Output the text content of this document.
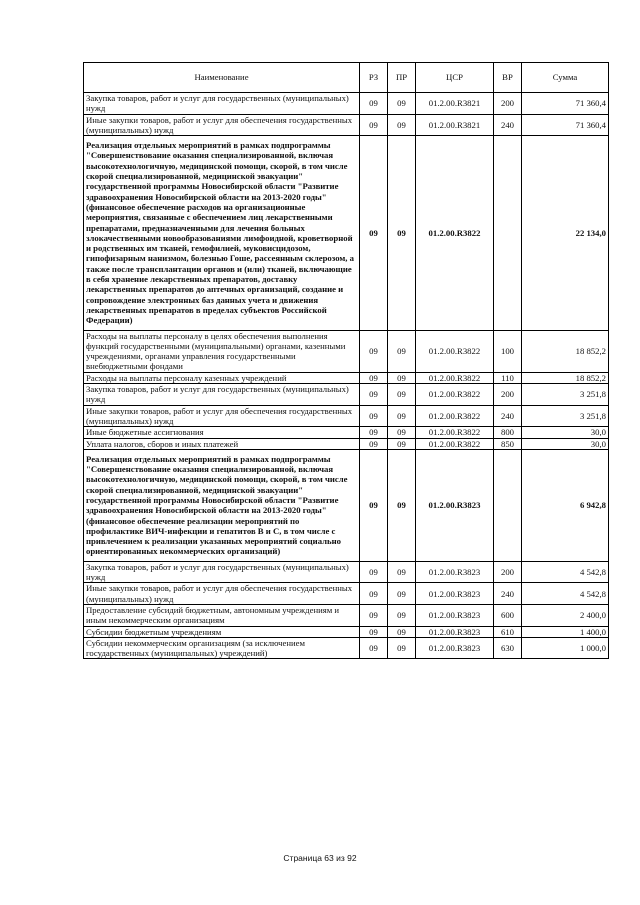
Наименование	РЗ	ПР	ЦСР	ВР	Сумма
Закупка товаров, работ и услуг для государственных (муниципальных) нужд	09	09	01.2.00.R3821	200	71 360,4
Иные закупки товаров, работ и услуг для обеспечения государственных (муниципальных) нужд	09	09	01.2.00.R3821	240	71 360,4
Реализация отдельных мероприятий в рамках подпрограммы "Совершенствование оказания специализированной, включая высокотехнологичную, медицинской помощи, скорой, в том числе скорой специализированной, медицинской эвакуации" государственной программы Новосибирской области "Развитие здравоохранения Новосибирской области на 2013-2020 годы" (финансовое обеспечение расходов на организационные мероприятия, связанные с обеспечением лиц лекарственными препаратами, предназначенными для лечения больных злокачественными новообразованиями лимфоидной, кроветворной и родственных им тканей, гемофилией, муковисцидозом, гипофизарным нанизмом, болезнью Гоше, рассеянным склерозом, а также после трансплантации органов и (или) тканей, включающие в себя хранение лекарственных препаратов, доставку лекарственных препаратов до аптечных организаций, создание и сопровождение электронных баз данных учета и движения лекарственных препаратов в пределах субъектов Российской Федерации)	09	09	01.2.00.R3822		22 134,0
Расходы на выплаты персоналу в целях обеспечения выполнения функций государственными (муниципальными) органами, казенными учреждениями, органами управления государственными внебюджетными фондами	09	09	01.2.00.R3822	100	18 852,2
Расходы на выплаты персоналу казенных учреждений	09	09	01.2.00.R3822	110	18 852,2
Закупка товаров, работ и услуг для государственных (муниципальных) нужд	09	09	01.2.00.R3822	200	3 251,8
Иные закупки товаров, работ и услуг для обеспечения государственных (муниципальных) нужд	09	09	01.2.00.R3822	240	3 251,8
Иные бюджетные ассигнования	09	09	01.2.00.R3822	800	30,0
Уплата налогов, сборов и иных платежей	09	09	01.2.00.R3822	850	30,0
Реализация отдельных мероприятий в рамках подпрограммы "Совершенствование оказания специализированной, включая высокотехнологичную, медицинской помощи, скорой, в том числе скорой специализированной, медицинской эвакуации" государственной программы Новосибирской области "Развитие здравоохранения Новосибирской области на 2013-2020 годы" (финансовое обеспечение реализации мероприятий по профилактике ВИЧ-инфекции и гепатитов B и C, в том числе с привлечением к реализации указанных мероприятий социально ориентированных некоммерческих организаций)	09	09	01.2.00.R3823		6 942,8
Закупка товаров, работ и услуг для государственных (муниципальных) нужд	09	09	01.2.00.R3823	200	4 542,8
Иные закупки товаров, работ и услуг для обеспечения государственных (муниципальных) нужд	09	09	01.2.00.R3823	240	4 542,8
Предоставление субсидий бюджетным, автономным учреждениям и иным некоммерческим организациям	09	09	01.2.00.R3823	600	2 400,0
Субсидии бюджетным учреждениям	09	09	01.2.00.R3823	610	1 400,0
Субсидии некоммерческим организациям (за исключением государственных (муниципальных) учреждений)	09	09	01.2.00.R3823	630	1 000,0
Страница 63 из 92
